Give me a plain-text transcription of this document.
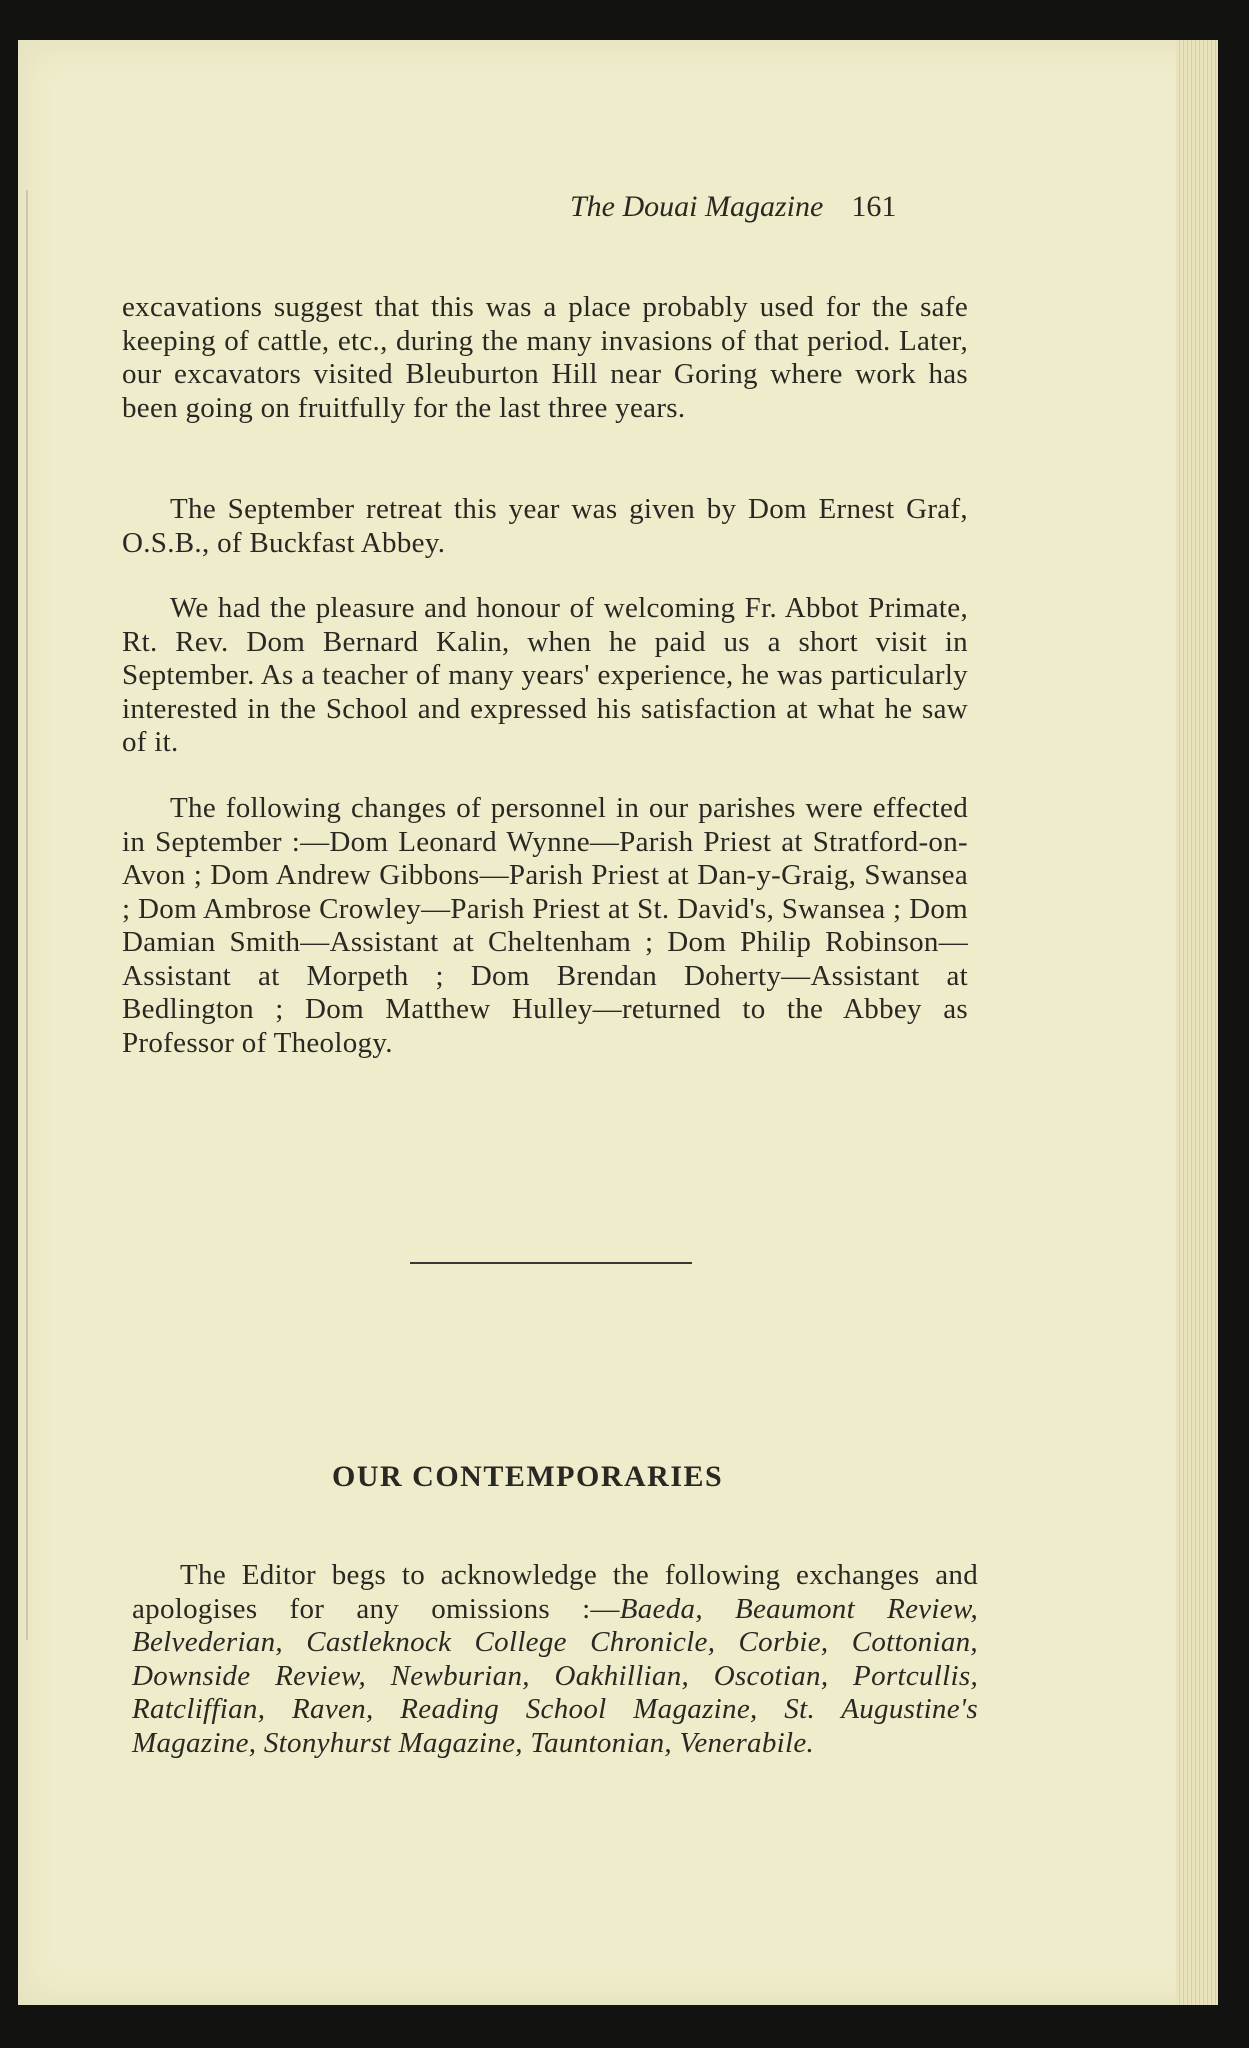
The Douai Magazine 161

excavations suggest that this was a place probably used for the safe keeping of cattle, etc., during the many invasions of that period. Later, our excavators visited Bleuburton Hill near Goring where work has been going on fruitfully for the last three years.

The September retreat this year was given by Dom Ernest Graf, O.S.B., of Buckfast Abbey.

We had the pleasure and honour of welcoming Fr. Abbot Primate, Rt. Rev. Dom Bernard Kalin, when he paid us a short visit in September. As a teacher of many years' experience, he was particularly interested in the School and expressed his satisfaction at what he saw of it.

The following changes of personnel in our parishes were effected in September :—Dom Leonard Wynne—Parish Priest at Stratford-on-Avon ; Dom Andrew Gibbons—Parish Priest at Dan-y-Graig, Swansea ; Dom Ambrose Crowley—Parish Priest at St. David's, Swansea ; Dom Damian Smith—Assistant at Cheltenham ; Dom Philip Robinson—Assistant at Morpeth ; Dom Brendan Doherty—Assistant at Bedlington ; Dom Matthew Hulley—returned to the Abbey as Professor of Theology.

OUR CONTEMPORARIES

The Editor begs to acknowledge the following exchanges and apologises for any omissions :—Baeda, Beaumont Review, Belvederian, Castleknock College Chronicle, Corbie, Cottonian, Downside Review, Newburian, Oakhillian, Oscotian, Portcullis, Ratcliffian, Raven, Reading School Magazine, St. Augustine's Magazine, Stonyhurst Magazine, Tauntonian, Venerabile.
